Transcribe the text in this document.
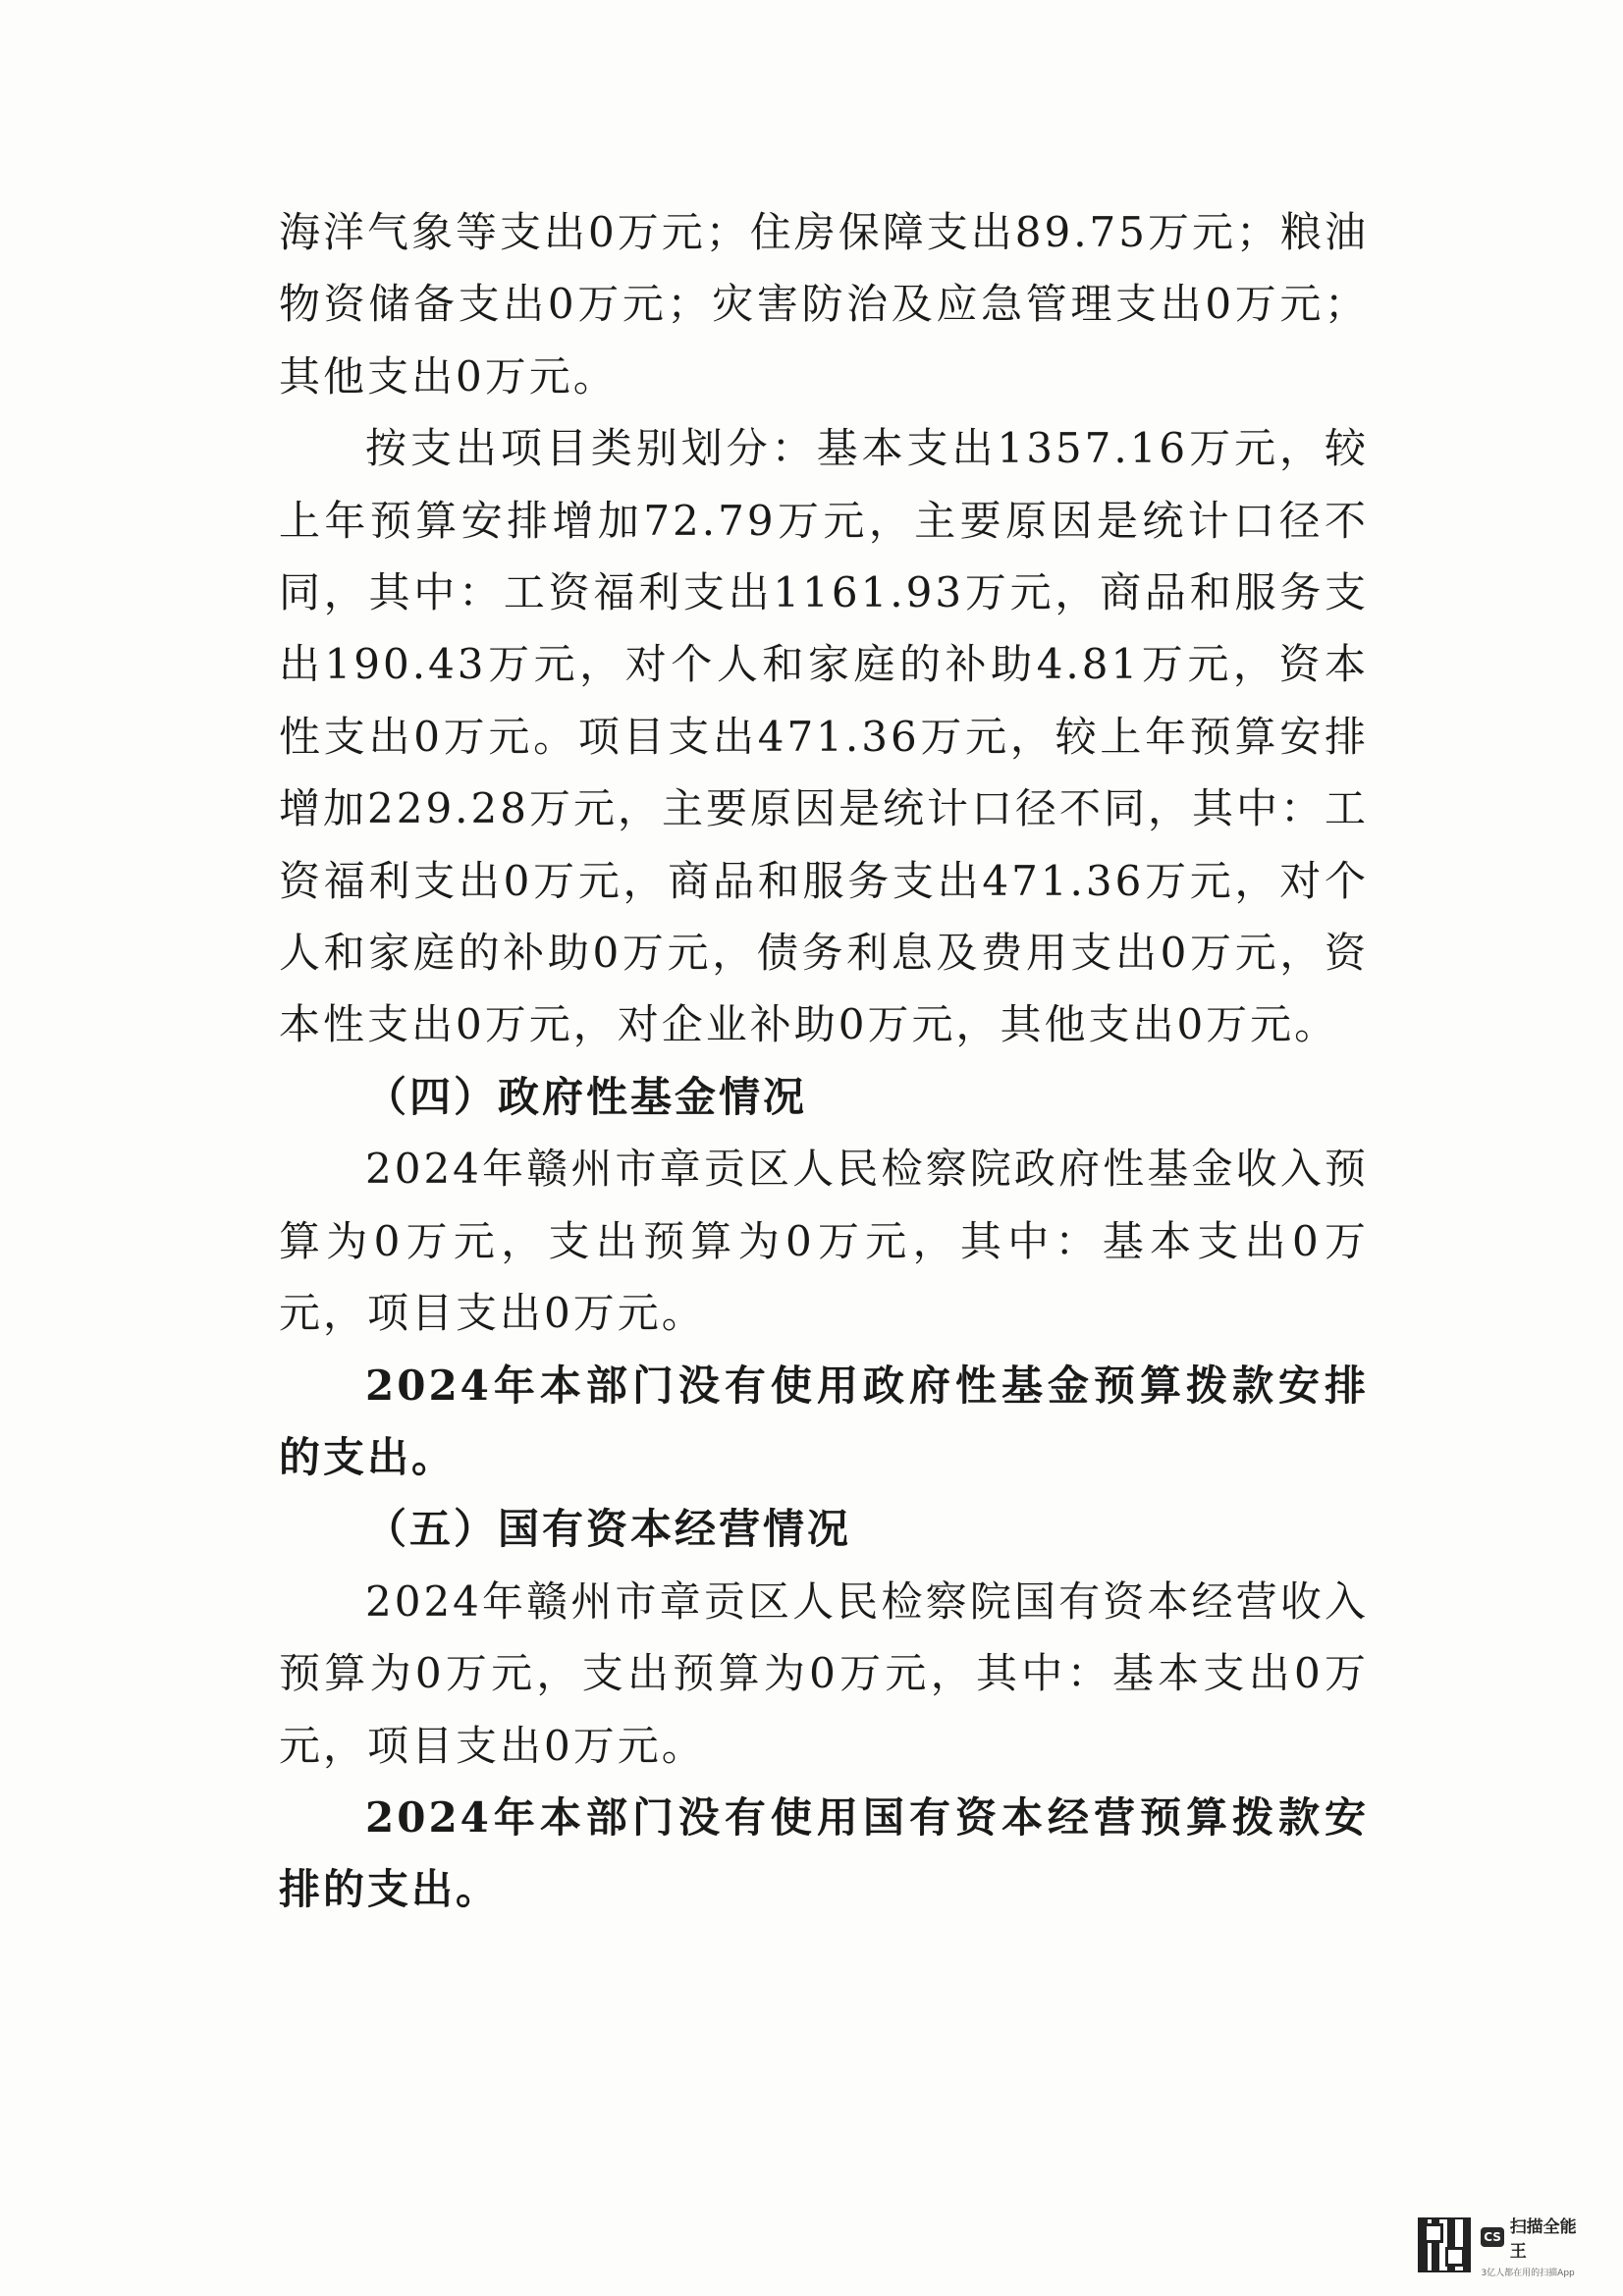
海洋气象等支出0万元；住房保障支出89.75万元；粮油物资储备支出0万元；灾害防治及应急管理支出0万元；其他支出0万元。

按支出项目类别划分：基本支出1357.16万元，较上年预算安排增加72.79万元，主要原因是统计口径不同，其中：工资福利支出1161.93万元，商品和服务支出190.43万元，对个人和家庭的补助4.81万元，资本性支出0万元。项目支出471.36万元，较上年预算安排增加229.28万元，主要原因是统计口径不同，其中：工资福利支出0万元，商品和服务支出471.36万元，对个人和家庭的补助0万元，债务利息及费用支出0万元，资本性支出0万元，对企业补助0万元，其他支出0万元。

（四）政府性基金情况

2024年赣州市章贡区人民检察院政府性基金收入预算为0万元，支出预算为0万元，其中：基本支出0万元，项目支出0万元。

2024年本部门没有使用政府性基金预算拨款安排的支出。

（五）国有资本经营情况

2024年赣州市章贡区人民检察院国有资本经营收入预算为0万元，支出预算为0万元，其中：基本支出0万元，项目支出0万元。

2024年本部门没有使用国有资本经营预算拨款安排的支出。

CS 扫描全能王
3亿人都在用的扫描App
